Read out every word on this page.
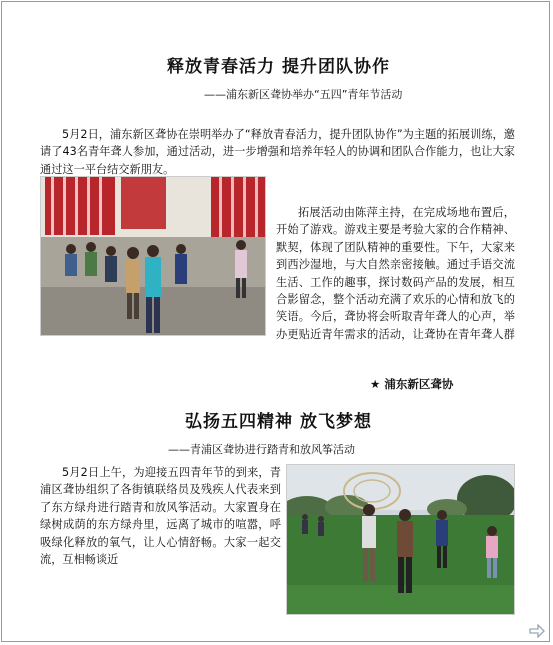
释放青春活力 提升团队协作
——浦东新区聋协举办“五四”青年节活动

5月2日，浦东新区聋协在崇明举办了“释放青春活力，提升团队协作”为主题的拓展训练，邀请了43名青年聋人参加，通过活动，进一步增强和培养年轻人的协调和团队合作能力，也让大家通过这一平台结交新朋友。

拓展活动由陈萍主持，在完成场地布置后，开始了游戏。游戏主要是考验大家的合作精神、默契，体现了团队精神的重要性。下午，大家来到西沙湿地，与大自然亲密接触。通过手语交流生活、工作的趣事，探讨数码产品的发展，相互合影留念，整个活动充满了欢乐的心情和放飞的笑语。今后，聋协将会听取青年聋人的心声，举办更贴近青年需求的活动，让聋协在青年聋人群

★ 浦东新区聋协
弘扬五四精神 放飞梦想
——青浦区聋协进行踏青和放风筝活动

5月2日上午，为迎接五四青年节的到来，青浦区聋协组织了各街镇联络员及残疾人代表来到了东方绿舟进行踏青和放风筝活动。大家置身在绿树成荫的东方绿舟里，远离了城市的喧嚣，呼吸绿化释放的氧气，让人心情舒畅。大家一起交流，互相畅谈近
